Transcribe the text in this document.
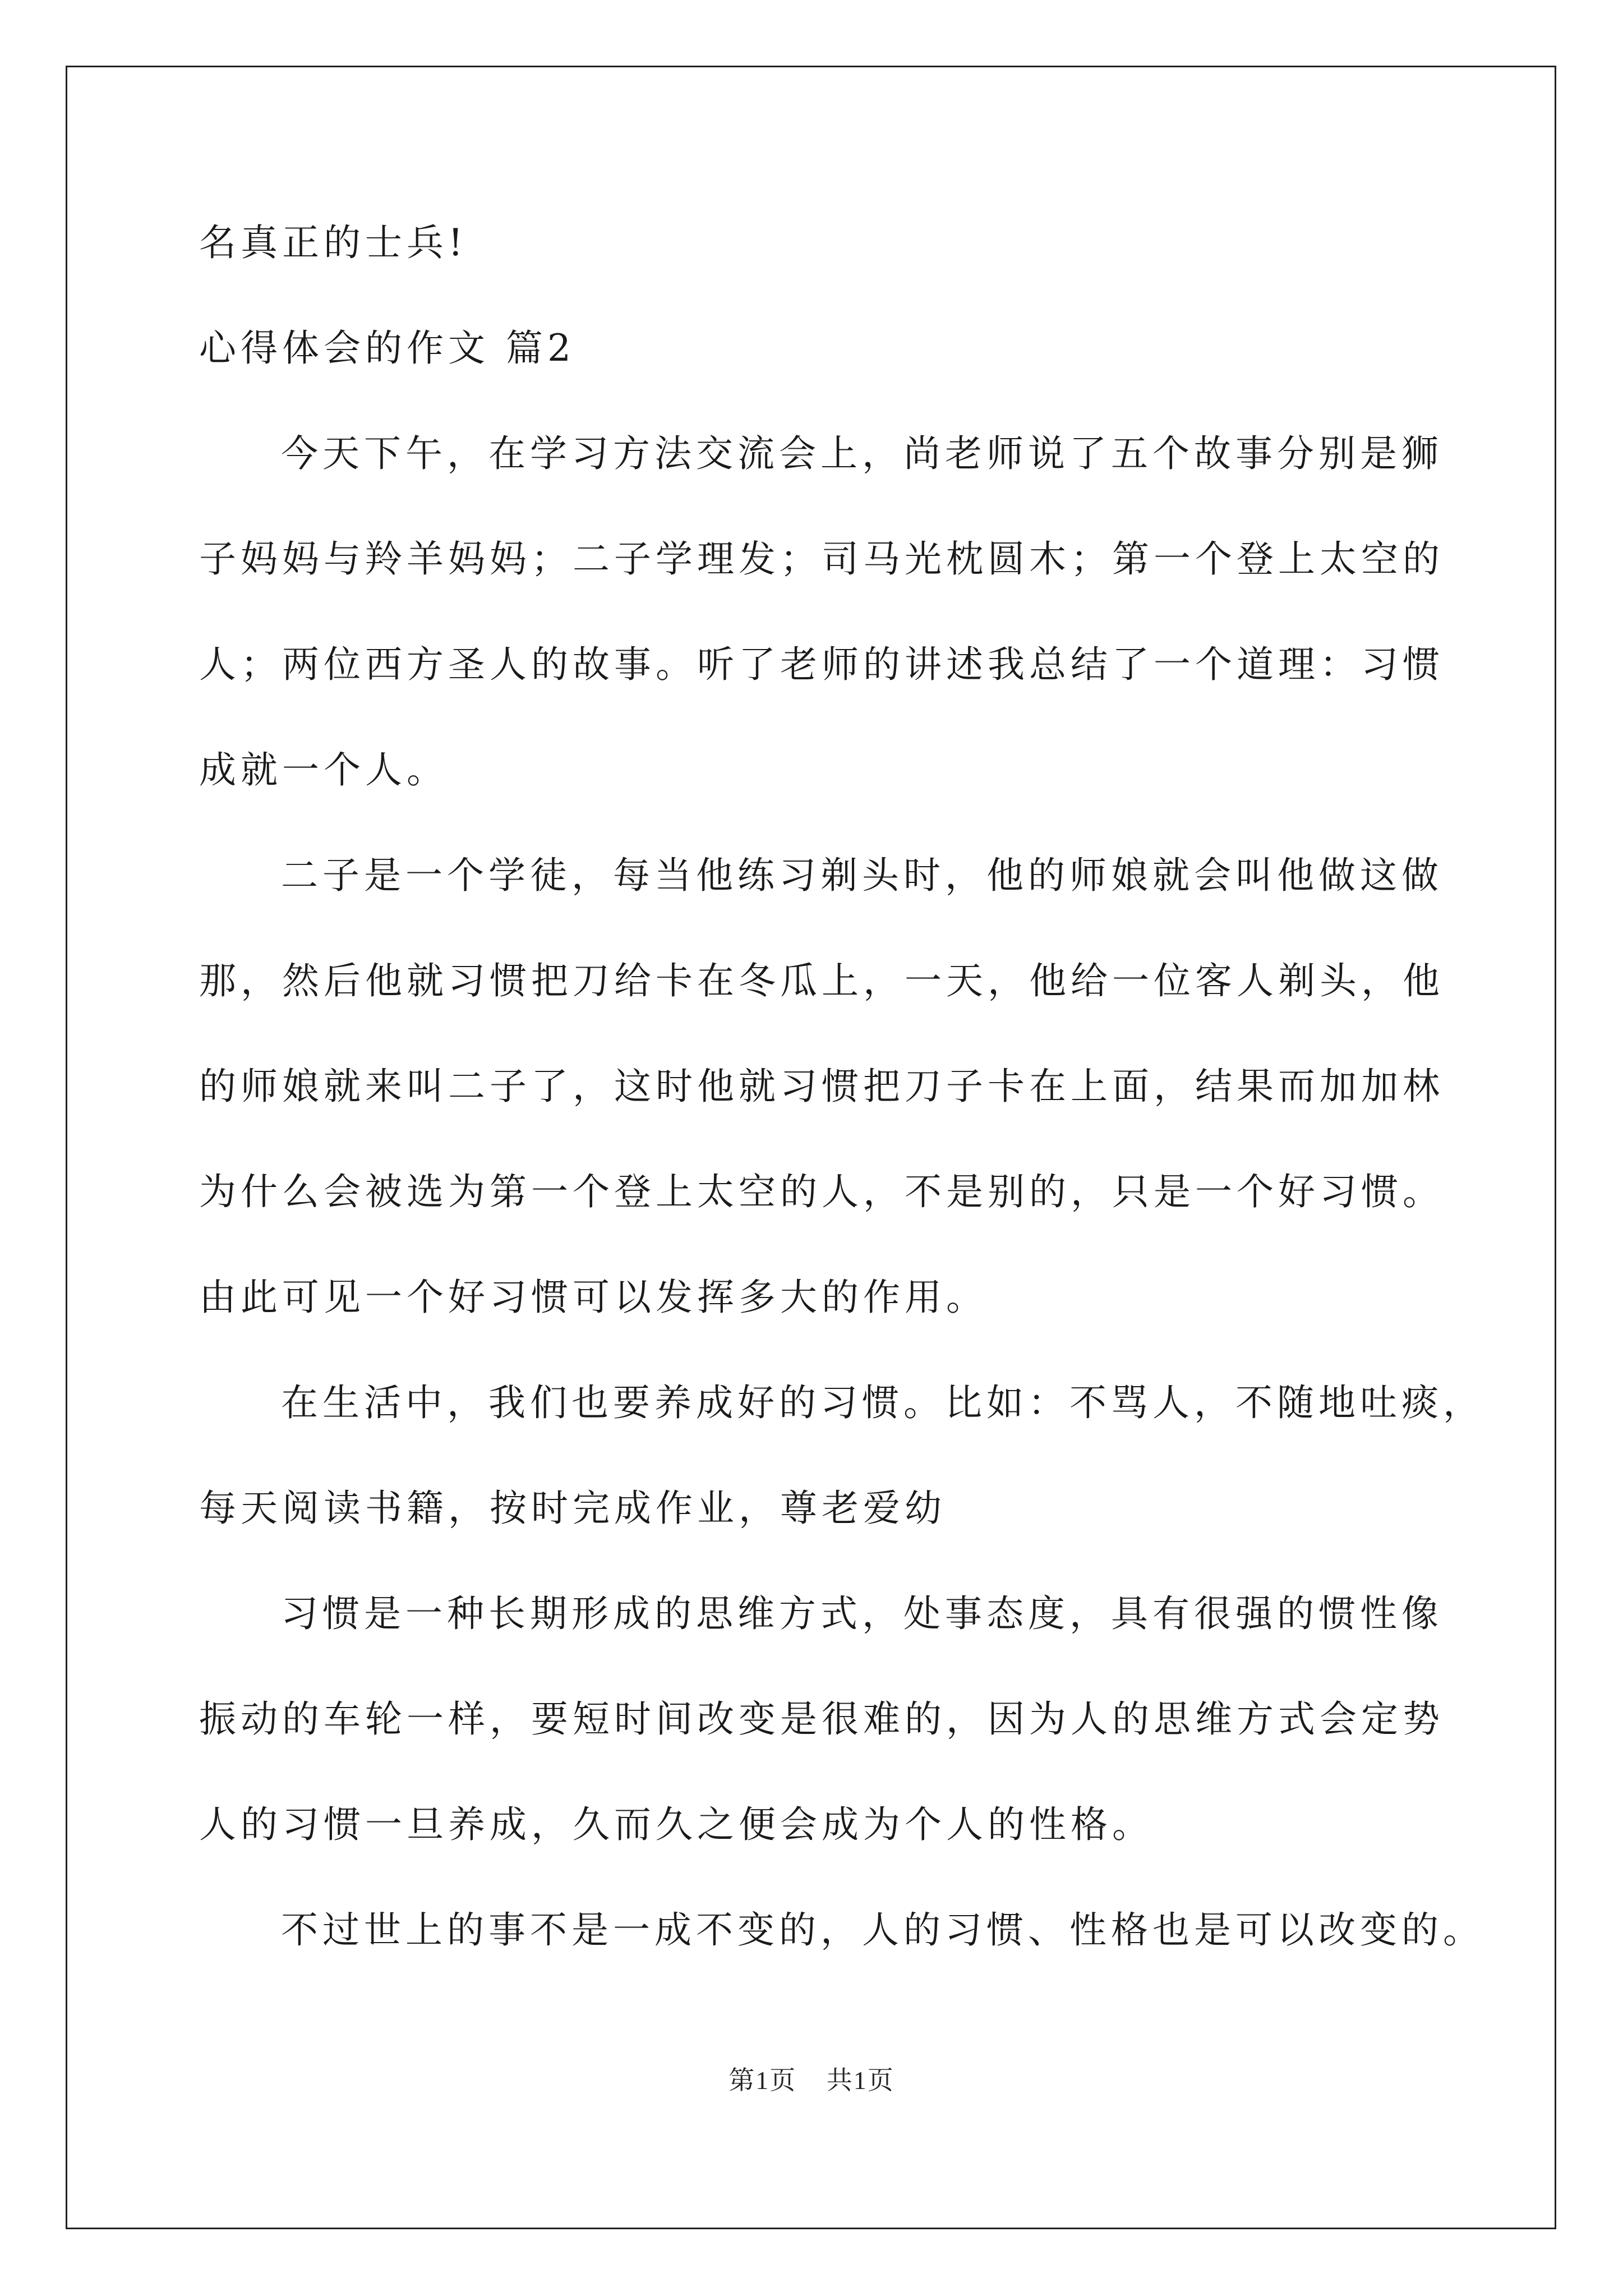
名真正的士兵!

心得体会的作文 篇2

今天下午，在学习方法交流会上，尚老师说了五个故事分别是狮

子妈妈与羚羊妈妈；二子学理发；司马光枕圆木；第一个登上太空的

人；两位西方圣人的故事。听了老师的讲述我总结了一个道理：习惯

成就一个人。

二子是一个学徒，每当他练习剃头时，他的师娘就会叫他做这做

那，然后他就习惯把刀给卡在冬瓜上，一天，他给一位客人剃头，他

的师娘就来叫二子了，这时他就习惯把刀子卡在上面，结果而加加林

为什么会被选为第一个登上太空的人，不是别的，只是一个好习惯。

由此可见一个好习惯可以发挥多大的作用。

在生活中，我们也要养成好的习惯。比如：不骂人，不随地吐痰，

每天阅读书籍，按时完成作业，尊老爱幼

习惯是一种长期形成的思维方式，处事态度，具有很强的惯性像

振动的车轮一样，要短时间改变是很难的，因为人的思维方式会定势

人的习惯一旦养成，久而久之便会成为个人的性格。

不过世上的事不是一成不变的，人的习惯、性格也是可以改变的。

第1页 共1页
